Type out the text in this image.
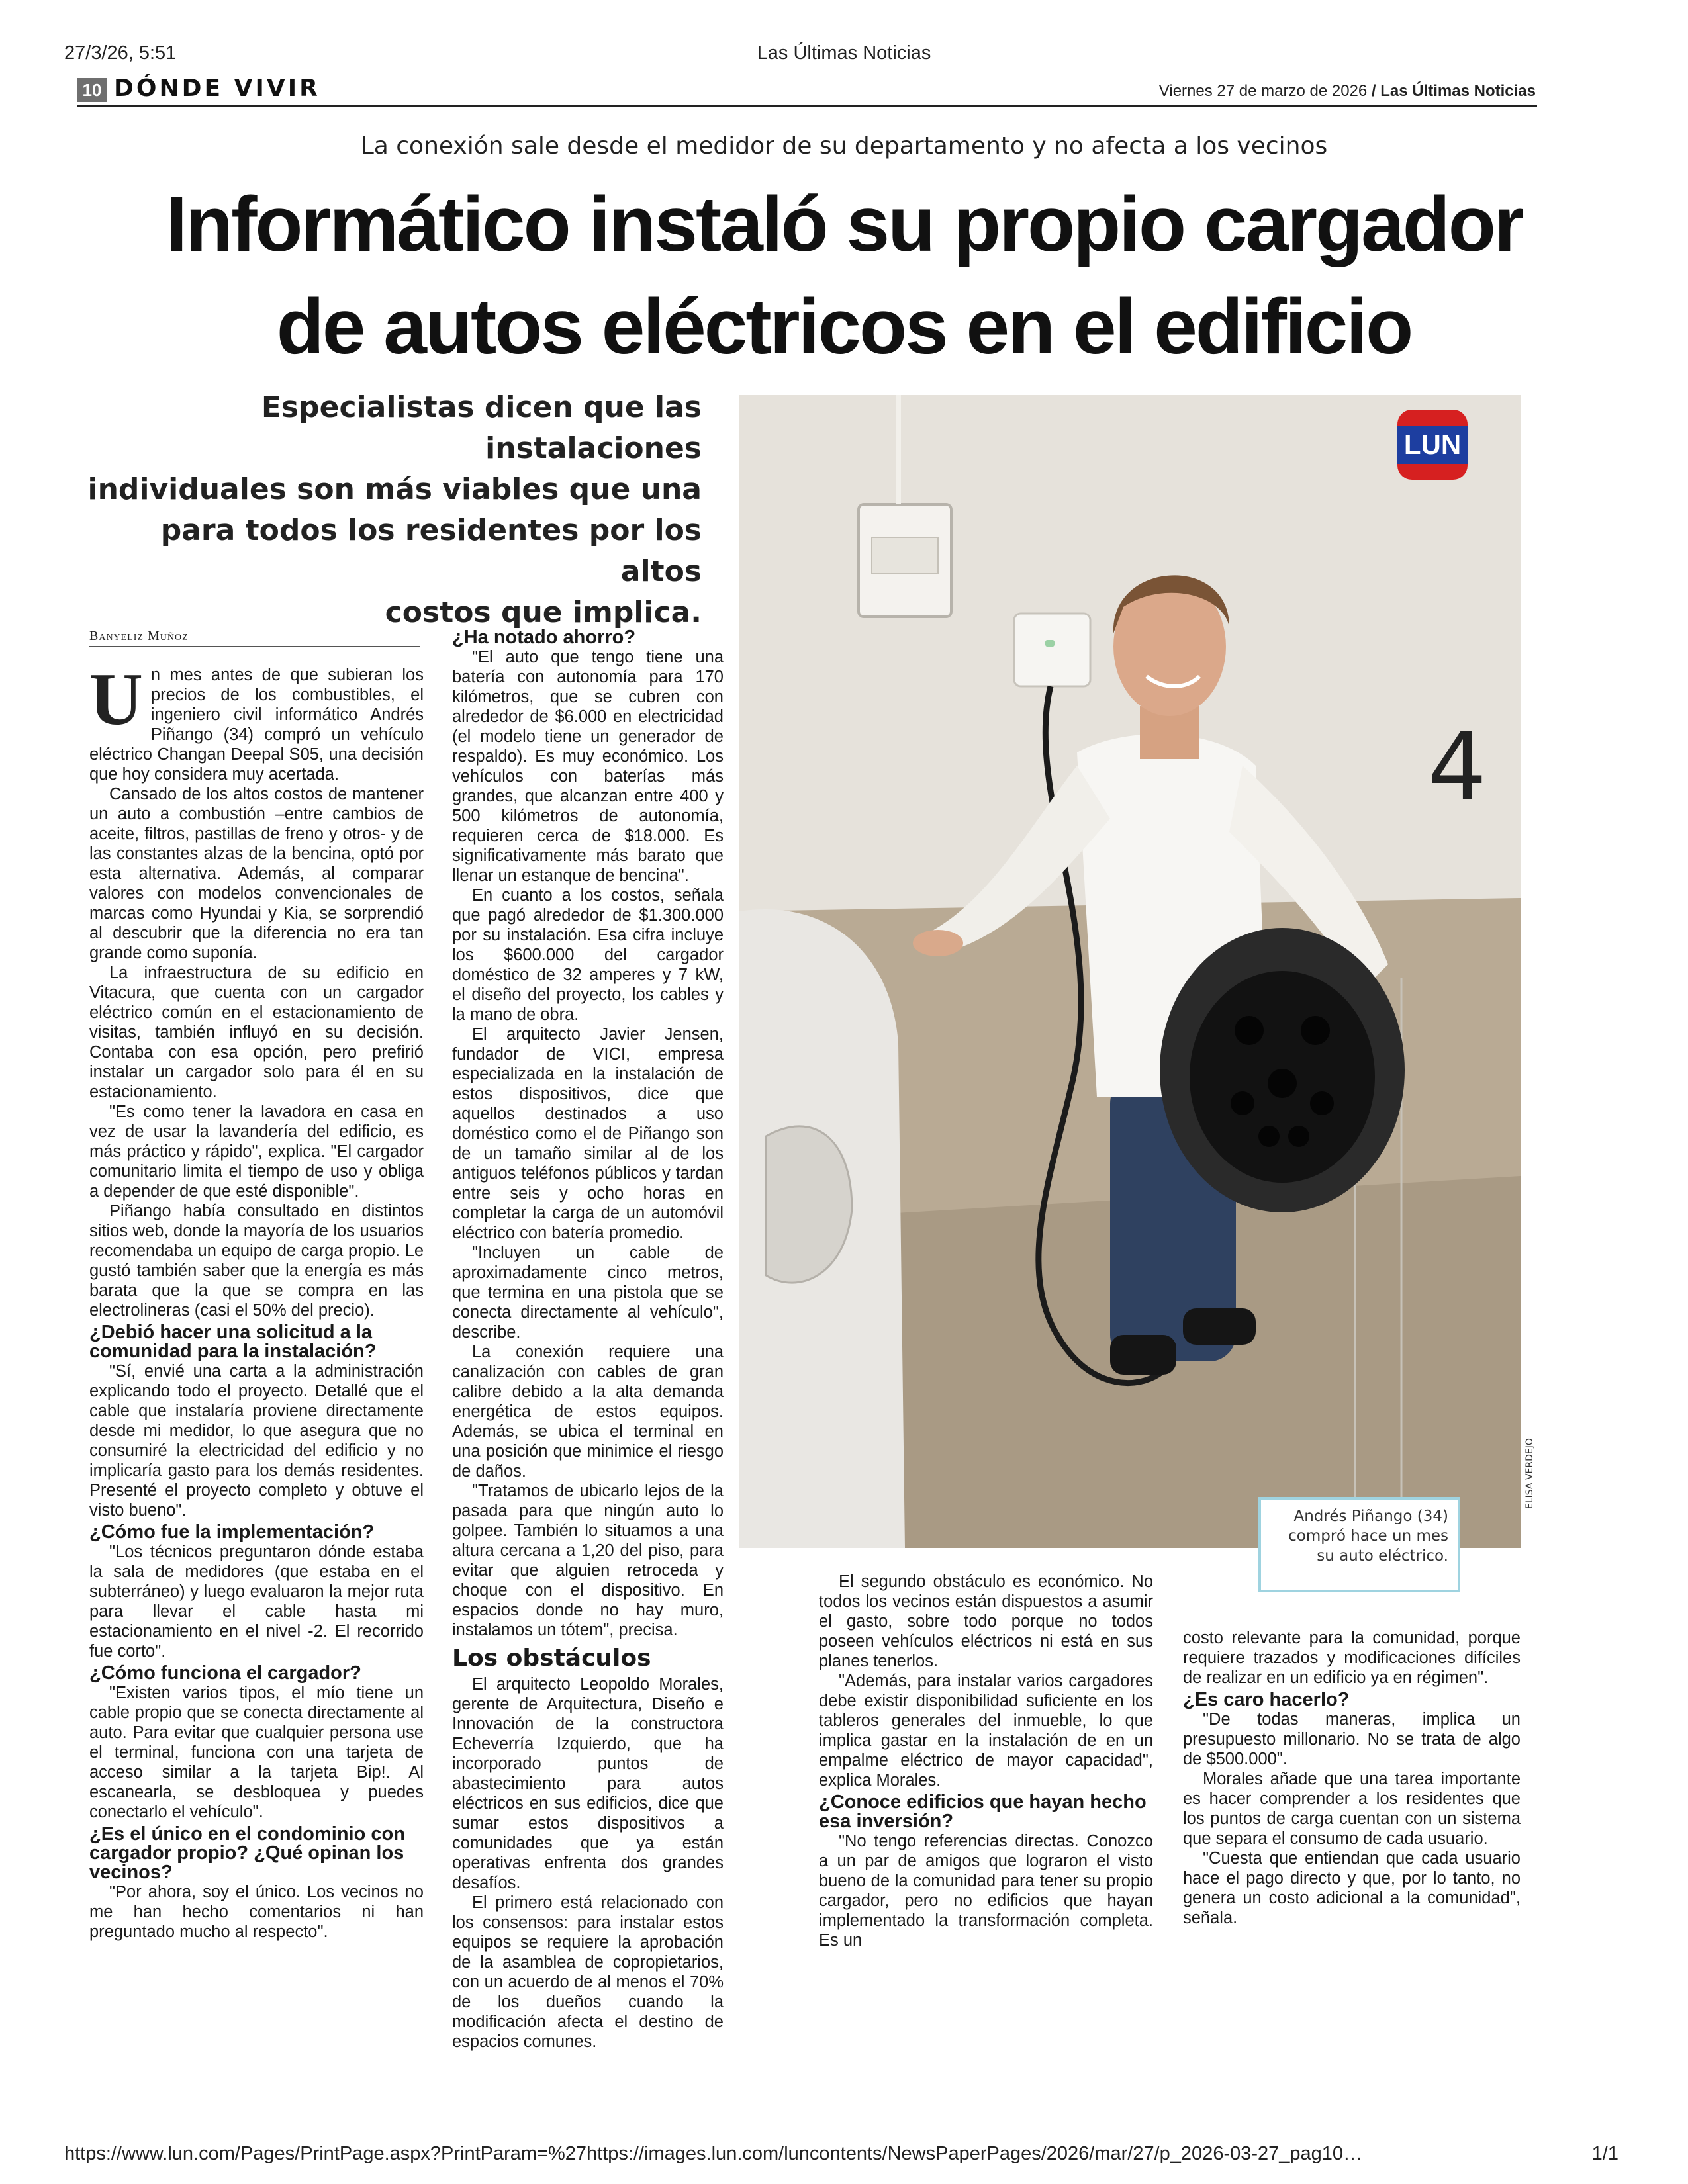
27/3/26, 5:51	Las Últimas Noticias
10 DÓNDE VIVIR	Viernes 27 de marzo de 2026 / Las Últimas Noticias
La conexión sale desde el medidor de su departamento y no afecta a los vecinos
Informático instaló su propio cargador
de autos eléctricos en el edificio
Especialistas dicen que las instalaciones
individuales son más viables que una
para todos los residentes por los altos
costos que implica.
4
LUN
Andrés Piñango (34)
compró hace un mes
su auto eléctrico.
ELISA VERDEJO
Banyeliz Muñoz

Un mes antes de que subieran los precios de los combustibles, el ingeniero civil informático Andrés Piñango (34) compró un vehículo eléctrico Changan Deepal S05, una decisión que hoy considera muy acertada.

Cansado de los altos costos de mantener un auto a combustión –entre cambios de aceite, filtros, pastillas de freno y otros- y de las constantes alzas de la bencina, optó por esta alternativa. Además, al comparar valores con modelos convencionales de marcas como Hyundai y Kia, se sorprendió al descubrir que la diferencia no era tan grande como suponía.

La infraestructura de su edificio en Vitacura, que cuenta con un cargador eléctrico común en el estacionamiento de visitas, también influyó en su decisión. Contaba con esa opción, pero prefirió instalar un cargador solo para él en su estacionamiento.

"Es como tener la lavadora en casa en vez de usar la lavandería del edificio, es más práctico y rápido", explica. "El cargador comunitario limita el tiempo de uso y obliga a depender de que esté disponible".

Piñango había consultado en distintos sitios web, donde la mayoría de los usuarios recomendaba un equipo de carga propio. Le gustó también saber que la energía es más barata que la que se compra en las electrolineras (casi el 50% del precio).

¿Debió hacer una solicitud a la comunidad para la instalación?

"Sí, envié una carta a la administración explicando todo el proyecto. Detallé que el cable que instalaría proviene directamente desde mi medidor, lo que asegura que no consumiré la electricidad del edificio y no implicaría gasto para los demás residentes. Presenté el proyecto completo y obtuve el visto bueno".

¿Cómo fue la implementación?

"Los técnicos preguntaron dónde estaba la sala de medidores (que estaba en el subterráneo) y luego evaluaron la mejor ruta para llevar el cable hasta mi estacionamiento en el nivel -2. El recorrido fue corto".

¿Cómo funciona el cargador?

"Existen varios tipos, el mío tiene un cable propio que se conecta directamente al auto. Para evitar que cualquier persona use el terminal, funciona con una tarjeta de acceso similar a la tarjeta Bip!. Al escanearla, se desbloquea y puedes conectarlo el vehículo".

¿Es el único en el condominio con cargador propio? ¿Qué opinan los vecinos?

"Por ahora, soy el único. Los vecinos no me han hecho comentarios ni han preguntado mucho al respecto".

¿Ha notado ahorro?

"El auto que tengo tiene una batería con autonomía para 170 kilómetros, que se cubren con alrededor de $6.000 en electricidad (el modelo tiene un generador de respaldo). Es muy económico. Los vehículos con baterías más grandes, que alcanzan entre 400 y 500 kilómetros de autonomía, requieren cerca de $18.000. Es significativamente más barato que llenar un estanque de bencina".

En cuanto a los costos, señala que pagó alrededor de $1.300.000 por su instalación. Esa cifra incluye los $600.000 del cargador doméstico de 32 amperes y 7 kW, el diseño del proyecto, los cables y la mano de obra.

El arquitecto Javier Jensen, fundador de VICI, empresa especializada en la instalación de estos dispositivos, dice que aquellos destinados a uso doméstico como el de Piñango son de un tamaño similar al de los antiguos teléfonos públicos y tardan entre seis y ocho horas en completar la carga de un automóvil eléctrico con batería promedio.

"Incluyen un cable de aproximadamente cinco metros, que termina en una pistola que se conecta directamente al vehículo", describe.

La conexión requiere una canalización con cables de gran calibre debido a la alta demanda energética de estos equipos. Además, se ubica el terminal en una posición que minimice el riesgo de daños.

"Tratamos de ubicarlo lejos de la pasada para que ningún auto lo golpee. También lo situamos a una altura cercana a 1,20 del piso, para evitar que alguien retroceda y choque con el dispositivo. En espacios donde no hay muro, instalamos un tótem", precisa.

Los obstáculos

El arquitecto Leopoldo Morales, gerente de Arquitectura, Diseño e Innovación de la constructora Echeverría Izquierdo, que ha incorporado puntos de abastecimiento para autos eléctricos en sus edificios, dice que sumar estos dispositivos a comunidades que ya están operativas enfrenta dos grandes desafíos.

El primero está relacionado con los consensos: para instalar estos equipos se requiere la aprobación de la asamblea de copropietarios, con un acuerdo de al menos el 70% de los dueños cuando la modificación afecta el destino de espacios comunes.

El segundo obstáculo es económico. No todos los vecinos están dispuestos a asumir el gasto, sobre todo porque no todos poseen vehículos eléctricos ni está en sus planes tenerlos.

"Además, para instalar varios cargadores debe existir disponibilidad suficiente en los tableros generales del inmueble, lo que implica gastar en la instalación de en un empalme eléctrico de mayor capacidad", explica Morales.

¿Conoce edificios que hayan hecho esa inversión?

"No tengo referencias directas. Conozco a un par de amigos que lograron el visto bueno de la comunidad para tener su propio cargador, pero no edificios que hayan implementado la transformación completa. Es un

costo relevante para la comunidad, porque requiere trazados y modificaciones difíciles de realizar en un edificio ya en régimen".

¿Es caro hacerlo?

"De todas maneras, implica un presupuesto millonario. No se trata de algo de $500.000".

Morales añade que una tarea importante es hacer comprender a los residentes que los puntos de carga cuentan con un sistema que separa el consumo de cada usuario.

"Cuesta que entiendan que cada usuario hace el pago directo y que, por lo tanto, no genera un costo adicional a la comunidad", señala.

https://www.lun.com/Pages/PrintPage.aspx?PrintParam=%27https://images.lun.com/luncontents/NewsPaperPages/2026/mar/27/p_2026-03-27_pag10…	1/1
